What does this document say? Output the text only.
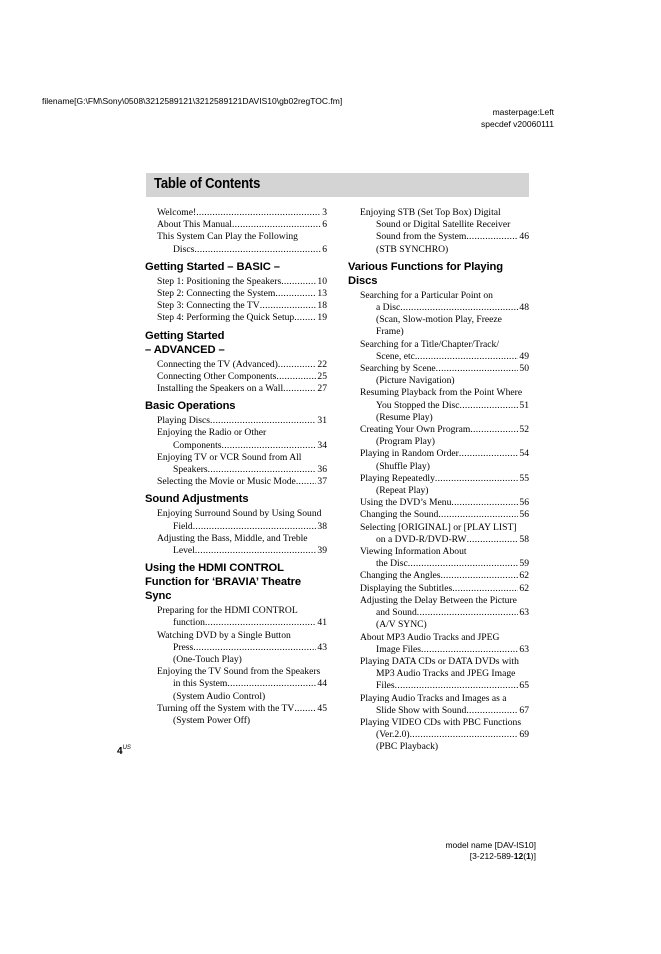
filename[G:\FM\Sony\0508\3212589121\3212589121DAVIS10\gb02regTOC.fm]
masterpage:Left
specdef v20060111
Table of Contents
Welcome! .....	3
About This Manual .....	6
This System Can Play the Following
Discs .....	6
Getting Started – BASIC –
Step 1: Positioning the Speakers .....	10
Step 2: Connecting the System .....	13
Step 3: Connecting the TV .....	18
Step 4: Performing the Quick Setup ..... 19
Getting Started
– ADVANCED –
Connecting the TV (Advanced) .....	22
Connecting Other Components .....	25
Installing the Speakers on a Wall .....	27
Basic Operations
Playing Discs .....	31
Enjoying the Radio or Other
Components .....	34
Enjoying TV or VCR Sound from All
Speakers .....	36
Selecting the Movie or Music Mode ..... 37
Sound Adjustments
Enjoying Surround Sound by Using Sound
Field .....	38
Adjusting the Bass, Middle, and Treble
Level .....	39
Using the HDMI CONTROL
Function for ‘BRAVIA’ Theatre
Sync
Preparing for the HDMI CONTROL
function .....	41
Watching DVD by a Single Button
Press .....	43
(One-Touch Play)
Enjoying the TV Sound from the Speakers
in this System .....	44
(System Audio Control)
Turning off the System with the TV ..... 45
(System Power Off)
Enjoying STB (Set Top Box) Digital
Sound or Digital Satellite Receiver
Sound from the System .....	46
(STB SYNCHRO)
Various Functions for Playing
Discs
Searching for a Particular Point on
a Disc .....	48
(Scan, Slow-motion Play, Freeze
Frame)
Searching for a Title/Chapter/Track/
Scene, etc. .....	49
Searching by Scene .....	50
(Picture Navigation)
Resuming Playback from the Point Where
You Stopped the Disc .....	51
(Resume Play)
Creating Your Own Program .....	52
(Program Play)
Playing in Random Order .....	54
(Shuffle Play)
Playing Repeatedly .....	55
(Repeat Play)
Using the DVD’s Menu .....	56
Changing the Sound .....	56
Selecting [ORIGINAL] or [PLAY LIST]
on a DVD-R/DVD-RW .....	58
Viewing Information About
the Disc .....	59
Changing the Angles .....	62
Displaying the Subtitles .....	62
Adjusting the Delay Between the Picture
and Sound .....	63
(A/V SYNC)
About MP3 Audio Tracks and JPEG
Image Files .....	63
Playing DATA CDs or DATA DVDs with
MP3 Audio Tracks and JPEG Image
Files .....	65
Playing Audio Tracks and Images as a
Slide Show with Sound .....	67
Playing VIDEO CDs with PBC Functions
(Ver.2.0) .....	69
(PBC Playback)
$4^{US}$
model name [DAV-IS10]
[3-212-589-12(1)]
